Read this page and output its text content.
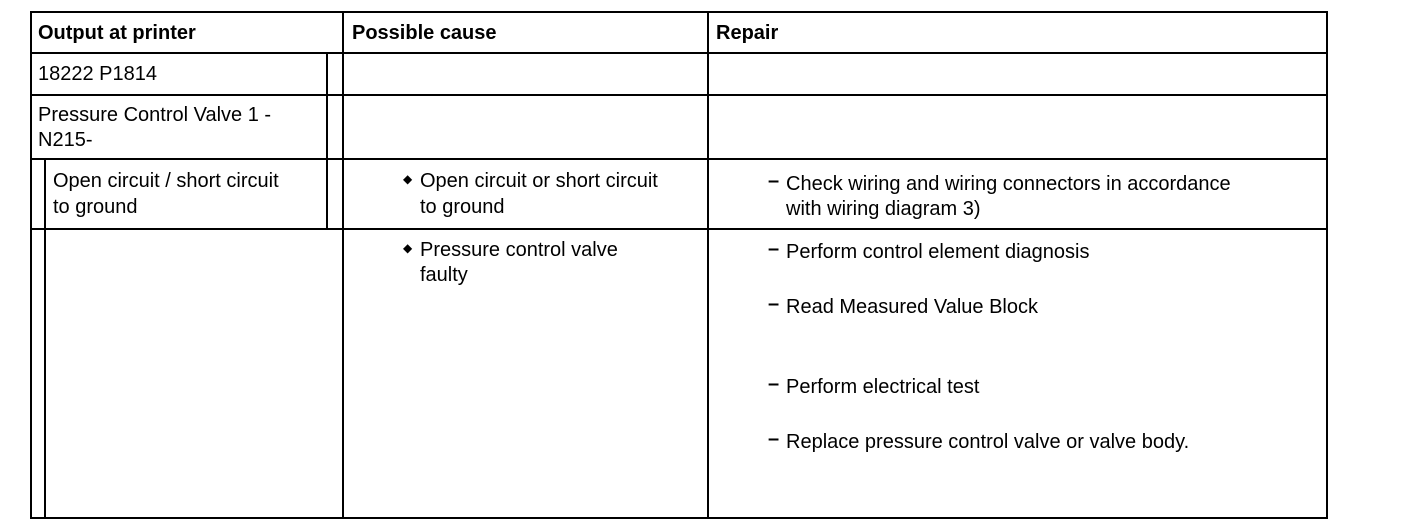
Output at printer	Possible cause	Repair
18222 P1814
Pressure Control Valve 1 -
N215-
Open circuit / short circuit
to ground
◆ Open circuit or short circuit
to ground
◆ Pressure control valve
faulty
– Check wiring and wiring connectors in accordance
with wiring diagram 3)
– Perform control element diagnosis
– Read Measured Value Block
– Perform electrical test
– Replace pressure control valve or valve body.
